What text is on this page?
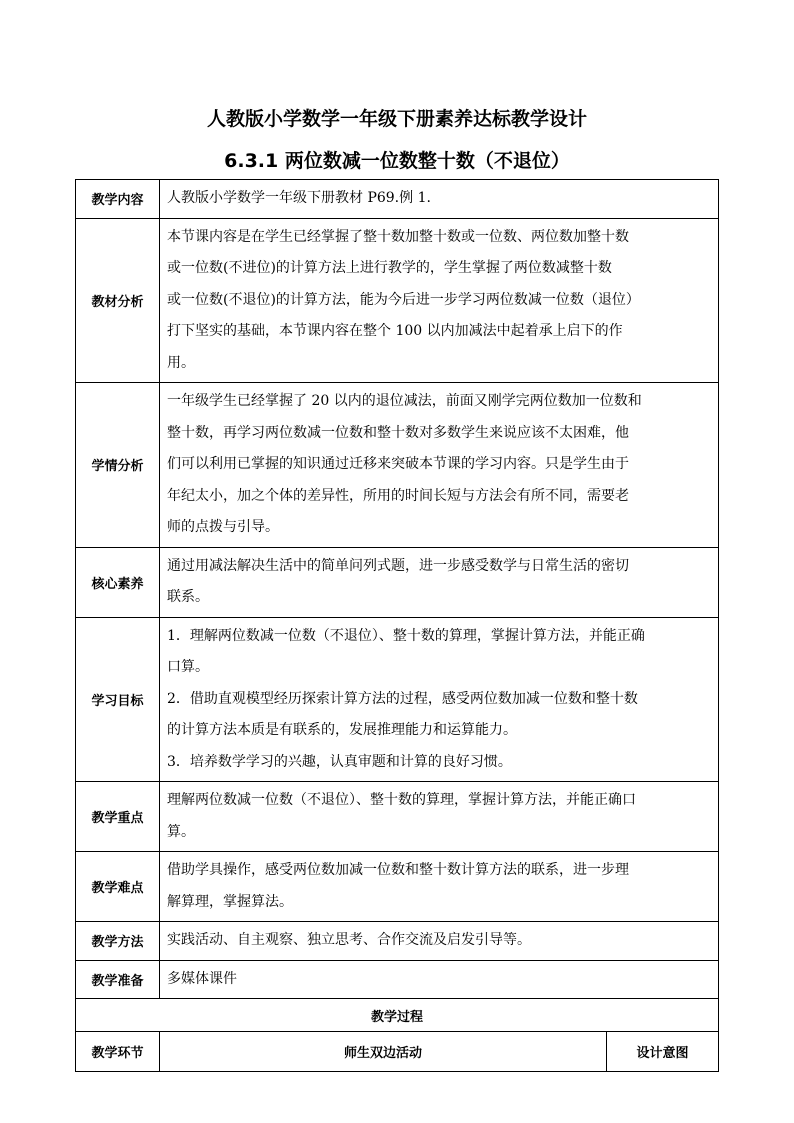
人教版小学数学一年级下册素养达标教学设计
6.3.1 两位数减一位数整十数（不退位）
教学内容	人教版小学数学一年级下册教材 P69.例 1.	

教材分析	本节课内容是在学生已经掌握了整十数加整十数或一位数、两位数加整十数

或一位数(不进位)的计算方法上进行教学的，学生掌握了两位数减整十数

或一位数(不退位)的计算方法，能为今后进一步学习两位数减一位数（退位）

打下坚实的基础，本节课内容在整个 100 以内加减法中起着承上启下的作

用。	

学情分析	一年级学生已经掌握了 20 以内的退位减法，前面又刚学完两位数加一位数和

整十数，再学习两位数减一位数和整十数对多数学生来说应该不太困难，他

们可以利用已掌握的知识通过迁移来突破本节课的学习内容。只是学生由于

年纪太小，加之个体的差异性，所用的时间长短与方法会有所不同，需要老

师的点拨与引导。	

核心素养	通过用减法解决生活中的简单问列式题，进一步感受数学与日常生活的密切

联系。	

学习目标	1．理解两位数减一位数（不退位）、整十数的算理，掌握计算方法，并能正确

口算。

2．借助直观模型经历探索计算方法的过程，感受两位数加减一位数和整十数

的计算方法本质是有联系的，发展推理能力和运算能力。

3．培养数学学习的兴趣，认真审题和计算的良好习惯。	

教学重点	理解两位数减一位数（不退位）、整十数的算理，掌握计算方法，并能正确口

算。	

教学难点	借助学具操作，感受两位数加减一位数和整十数计算方法的联系，进一步理

解算理，掌握算法。	

教学方法	实践活动、自主观察、独立思考、合作交流及启发引导等。	

教学准备	多媒体课件	

教学过程		
教学环节	师生双边活动	设计意图
